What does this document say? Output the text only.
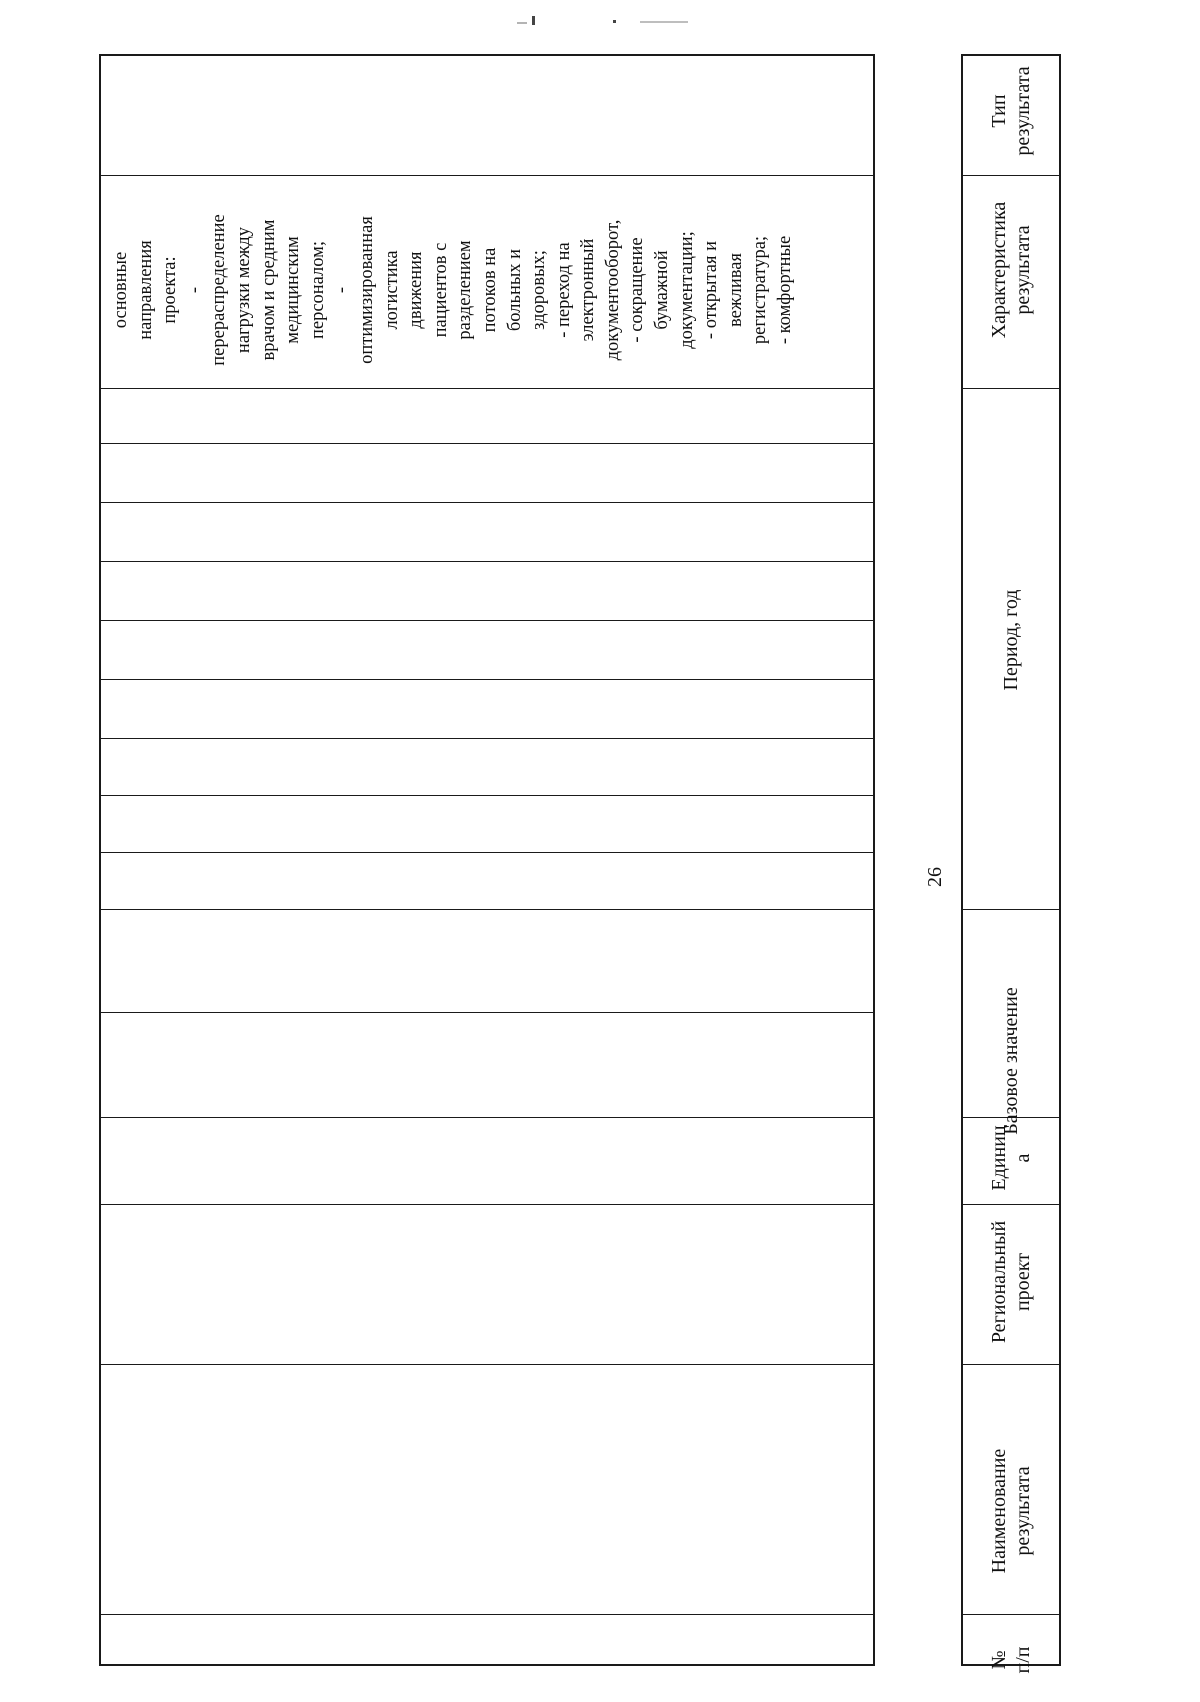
основные
направления
проекта:
-
перераспределение
нагрузки между
врачом и средним
медицинским
персоналом;
-
оптимизированная
логистика
движения
пациентов с
разделением
потоков на
больных и
здоровых;
- переход на
электронный
документооборот,
- сокращение
бумажной
документации;
- открытая и
вежливая
регистратура;
- комфортные
26
Тип
результата
Характеристика
результата
Период, год
Базовое значение
Единиц
а
Региональный
проект
Наименование
результата
№
п/п
